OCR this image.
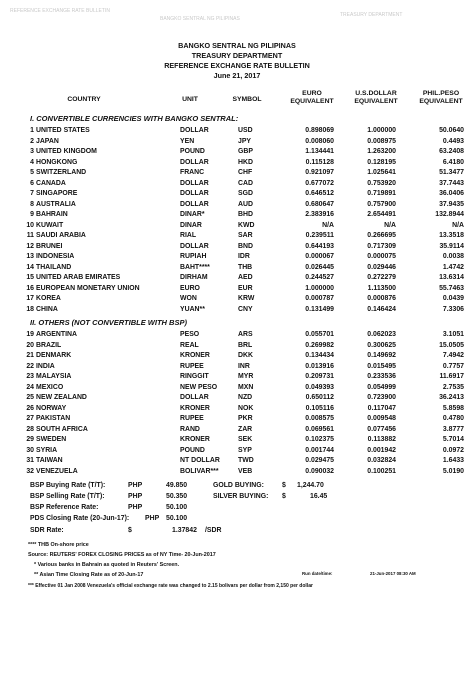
REFERENCE EXCHANGE RATE BULLETIN
BANGKO SENTRAL NG PILIPINAS
TREASURY DEPARTMENT
BANGKO SENTRAL NG PILIPINAS
TREASURY DEPARTMENT
REFERENCE EXCHANGE RATE BULLETIN
June 21, 2017
COUNTRY	UNIT	SYMBOL
EURO
EQUIVALENT
U.S.DOLLAR
EQUIVALENT
PHIL.PESO
EQUIVALENT
I. CONVERTIBLE CURRENCIES WITH BANGKO SENTRAL:
1 UNITED STATES	DOLLAR	USD	0.898069	1.000000	50.0640
2 JAPAN	YEN	JPY	0.008060	0.008975	0.4493
3 UNITED KINGDOM	POUND	GBP	1.134441	1.263200	63.2408
4 HONGKONG	DOLLAR	HKD	0.115128	0.128195	6.4180
5 SWITZERLAND	FRANC	CHF	0.921097	1.025641	51.3477
6 CANADA	DOLLAR	CAD	0.677072	0.753920	37.7443
7 SINGAPORE	DOLLAR	SGD	0.646512	0.719891	36.0406
8 AUSTRALIA	DOLLAR	AUD	0.680647	0.757900	37.9435
9 BAHRAIN	DINAR*	BHD	2.383916	2.654491	132.8944
10 KUWAIT	DINAR	KWD	N/A	N/A	N/A
11 SAUDI ARABIA	RIAL	SAR	0.239511	0.266695	13.3518
12 BRUNEI	DOLLAR	BND	0.644193	0.717309	35.9114
13 INDONESIA	RUPIAH	IDR	0.000067	0.000075	0.0038
14 THAILAND	BAHT****	THB	0.026445	0.029446	1.4742
15 UNITED ARAB EMIRATES	DIRHAM	AED	0.244527	0.272279	13.6314
16 EUROPEAN MONETARY UNION	EURO	EUR	1.000000	1.113500	55.7463
17 KOREA	WON	KRW	0.000787	0.000876	0.0439
18 CHINA	YUAN**	CNY	0.131499	0.146424	7.3306
II. OTHERS (NOT CONVERTIBLE WITH BSP)
19 ARGENTINA	PESO	ARS	0.055701	0.062023	3.1051
20 BRAZIL	REAL	BRL	0.269982	0.300625	15.0505
21 DENMARK	KRONER	DKK	0.134434	0.149692	7.4942
22 INDIA	RUPEE	INR	0.013916	0.015495	0.7757
23 MALAYSIA	RINGGIT	MYR	0.209731	0.233536	11.6917
24 MEXICO	NEW PESO	MXN	0.049393	0.054999	2.7535
25 NEW ZEALAND	DOLLAR	NZD	0.650112	0.723900	36.2413
26 NORWAY	KRONER	NOK	0.105116	0.117047	5.8598
27 PAKISTAN	RUPEE	PKR	0.008575	0.009548	0.4780
28 SOUTH AFRICA	RAND	ZAR	0.069561	0.077456	3.8777
29 SWEDEN	KRONER	SEK	0.102375	0.113882	5.7014
30 SYRIA	POUND	SYP	0.001744	0.001942	0.0972
31 TAIWAN	NT DOLLAR	TWD	0.029475	0.032824	1.6433
32 VENEZUELA	BOLIVAR***	VEB	0.090032	0.100251	5.0190
BSP Buying Rate (T/T):	PHP	49.850
BSP Selling Rate (T/T):	PHP	50.350
BSP Reference Rate:	PHP	50.100
PDS Closing Rate (20-Jun-17): PHP 50.100
SDR Rate:	$	1.37842 /SDR
GOLD BUYING:	$ 1,244.70
SILVER BUYING: $	16.45
**** THB On-shore price
Source: REUTERS' FOREX CLOSING PRICES as of NY Time- 20-Jun-2017
* Various banks in Bahrain as quoted in Reuters' Screen.
** Asian Time Closing Rate as of 20-Jun-17	Run date/time:	21-Jun-2017 08:30 AM
*** Effective 01 Jan 2008 Venezuela's official exchange rate was changed to 2.15 bolivars per dollar from 2,150 per dollar
